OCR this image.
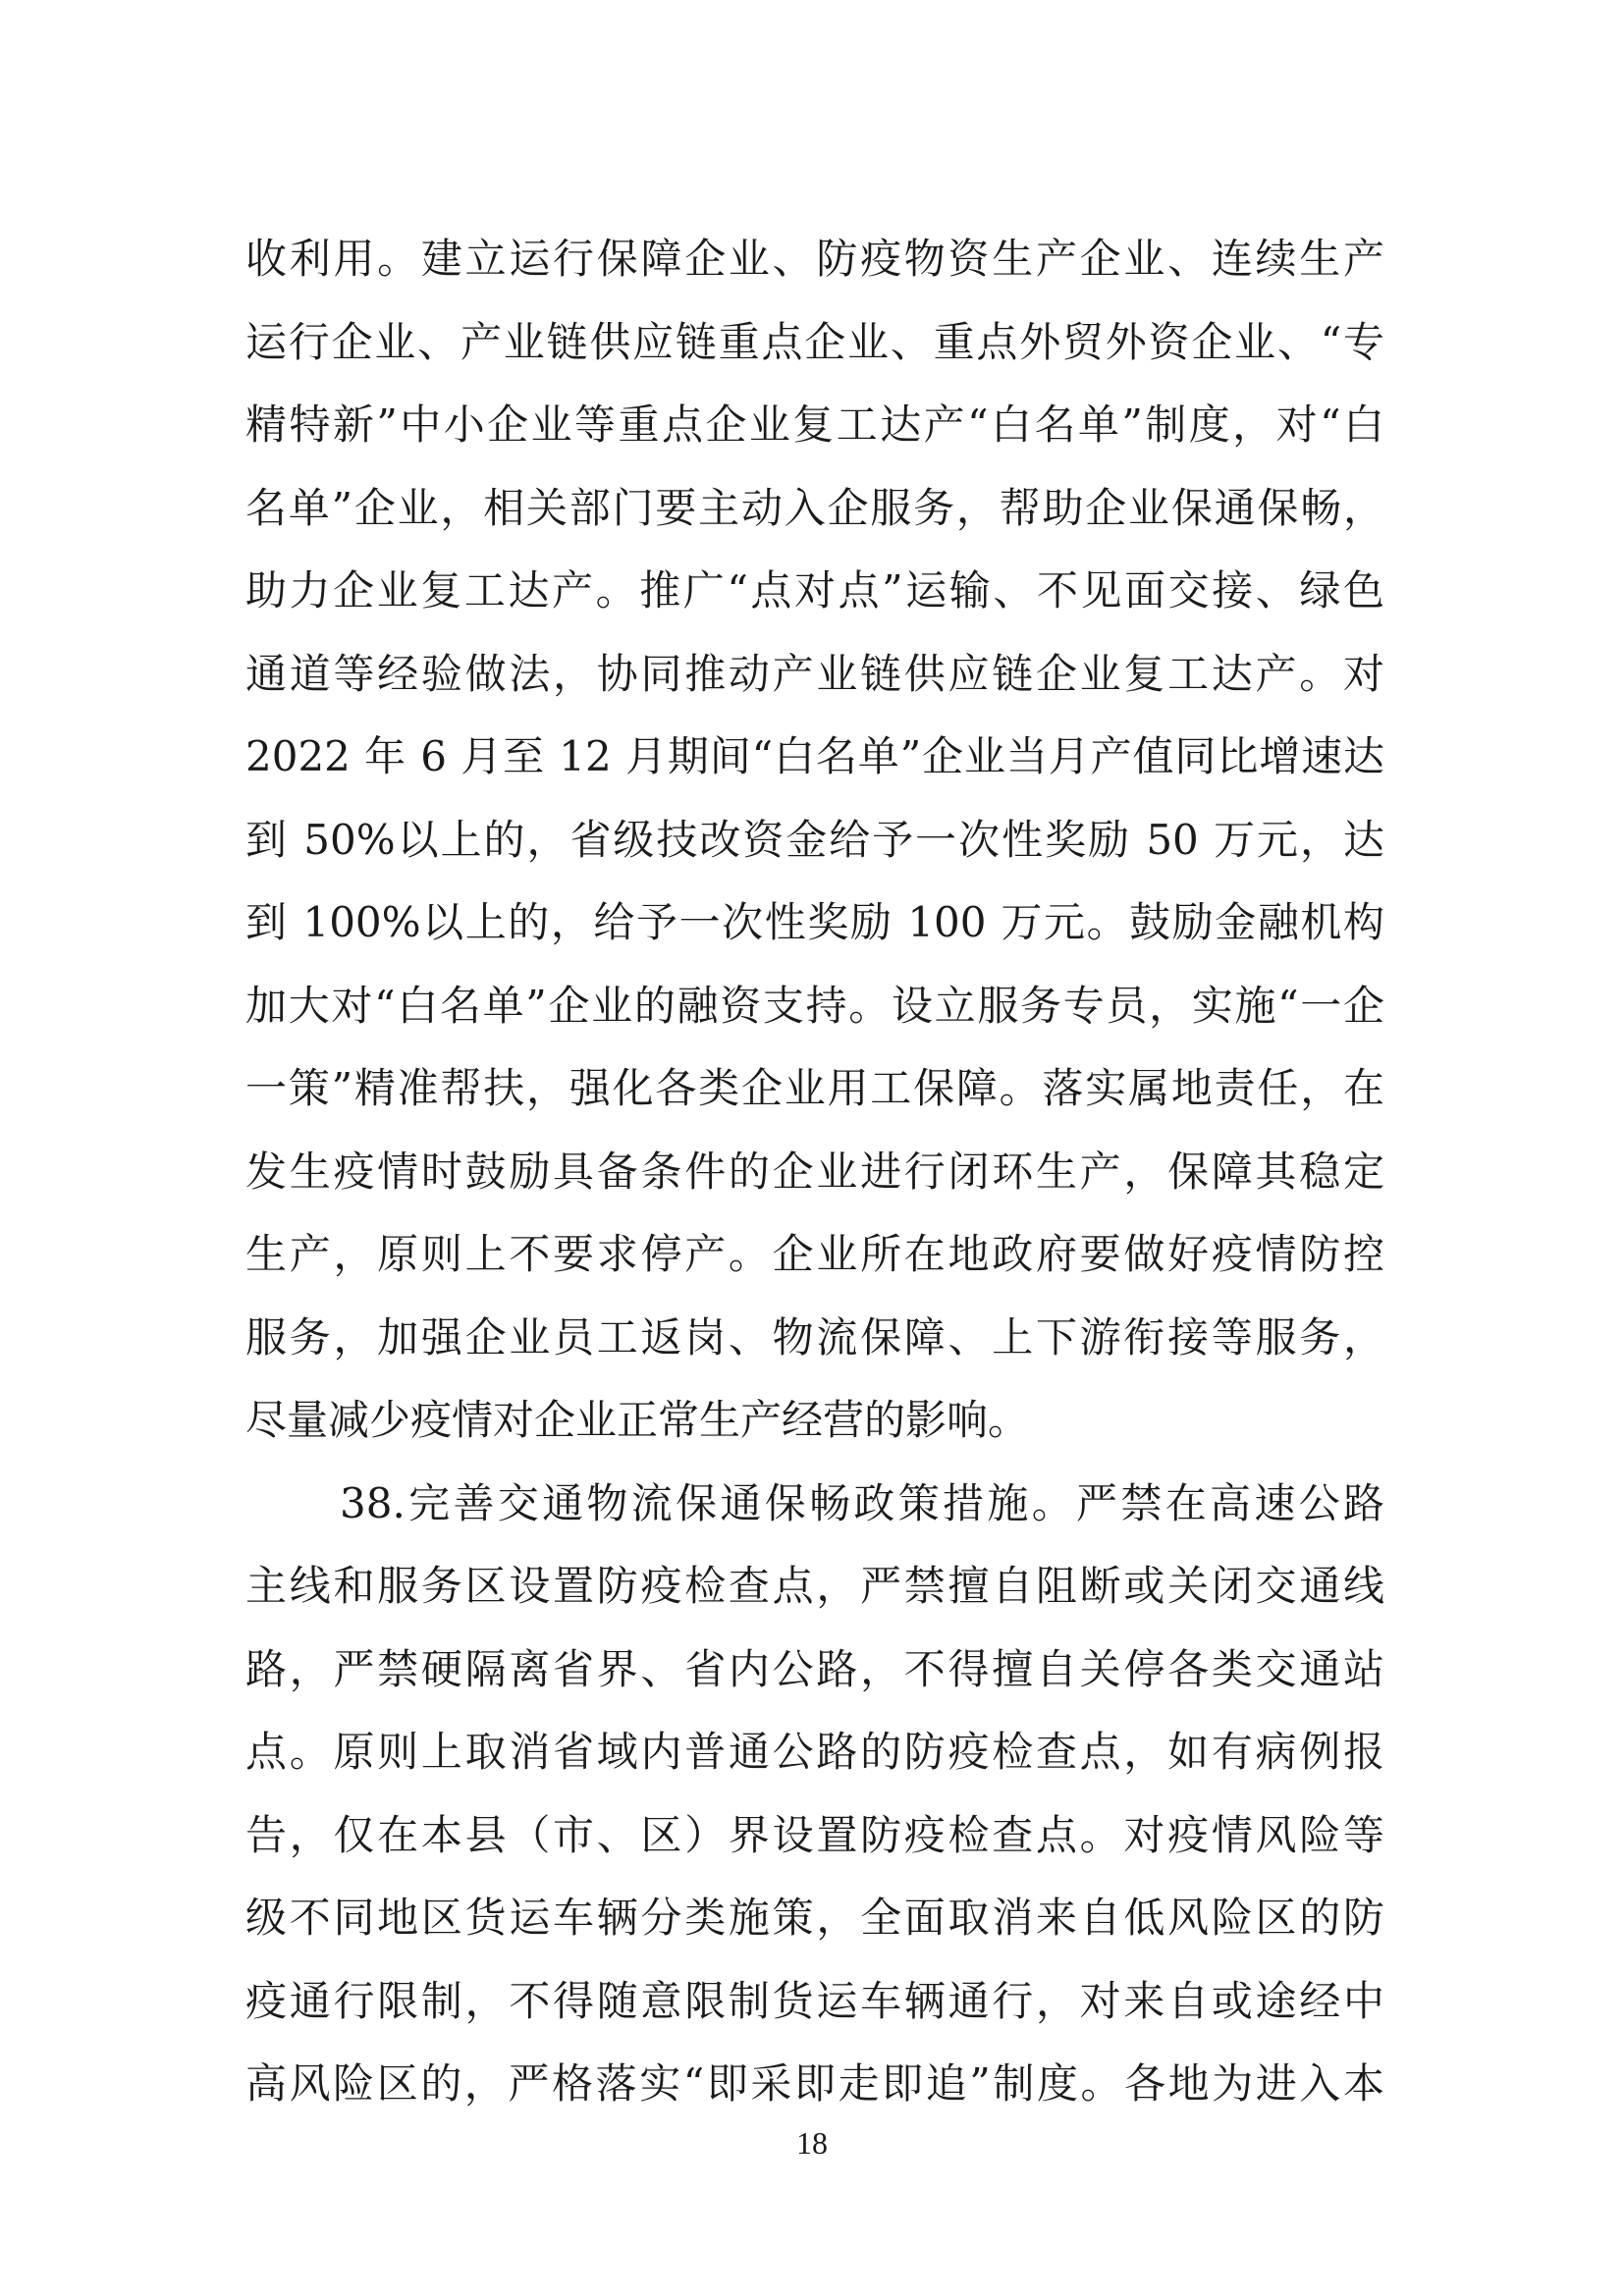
收利用。建立运行保障企业、防疫物资生产企业、连续生产
运行企业、产业链供应链重点企业、重点外贸外资企业、“专
精特新”中小企业等重点企业复工达产“白名单”制度，对“白
名单”企业，相关部门要主动入企服务，帮助企业保通保畅，
助力企业复工达产。推广“点对点”运输、不见面交接、绿色
通道等经验做法，协同推动产业链供应链企业复工达产。对
2022 年 6 月至 12 月期间“白名单”企业当月产值同比增速达
到 50%以上的，省级技改资金给予一次性奖励 50 万元，达
到 100%以上的，给予一次性奖励 100 万元。鼓励金融机构
加大对“白名单”企业的融资支持。设立服务专员，实施“一企
一策”精准帮扶，强化各类企业用工保障。落实属地责任，在
发生疫情时鼓励具备条件的企业进行闭环生产，保障其稳定
生产，原则上不要求停产。企业所在地政府要做好疫情防控
服务，加强企业员工返岗、物流保障、上下游衔接等服务，
尽量减少疫情对企业正常生产经营的影响。
38.完善交通物流保通保畅政策措施。严禁在高速公路
主线和服务区设置防疫检查点，严禁擅自阻断或关闭交通线
路，严禁硬隔离省界、省内公路，不得擅自关停各类交通站
点。原则上取消省域内普通公路的防疫检查点，如有病例报
告，仅在本县（市、区）界设置防疫检查点。对疫情风险等
级不同地区货运车辆分类施策，全面取消来自低风险区的防
疫通行限制，不得随意限制货运车辆通行，对来自或途经中
高风险区的，严格落实“即采即走即追”制度。各地为进入本
18
